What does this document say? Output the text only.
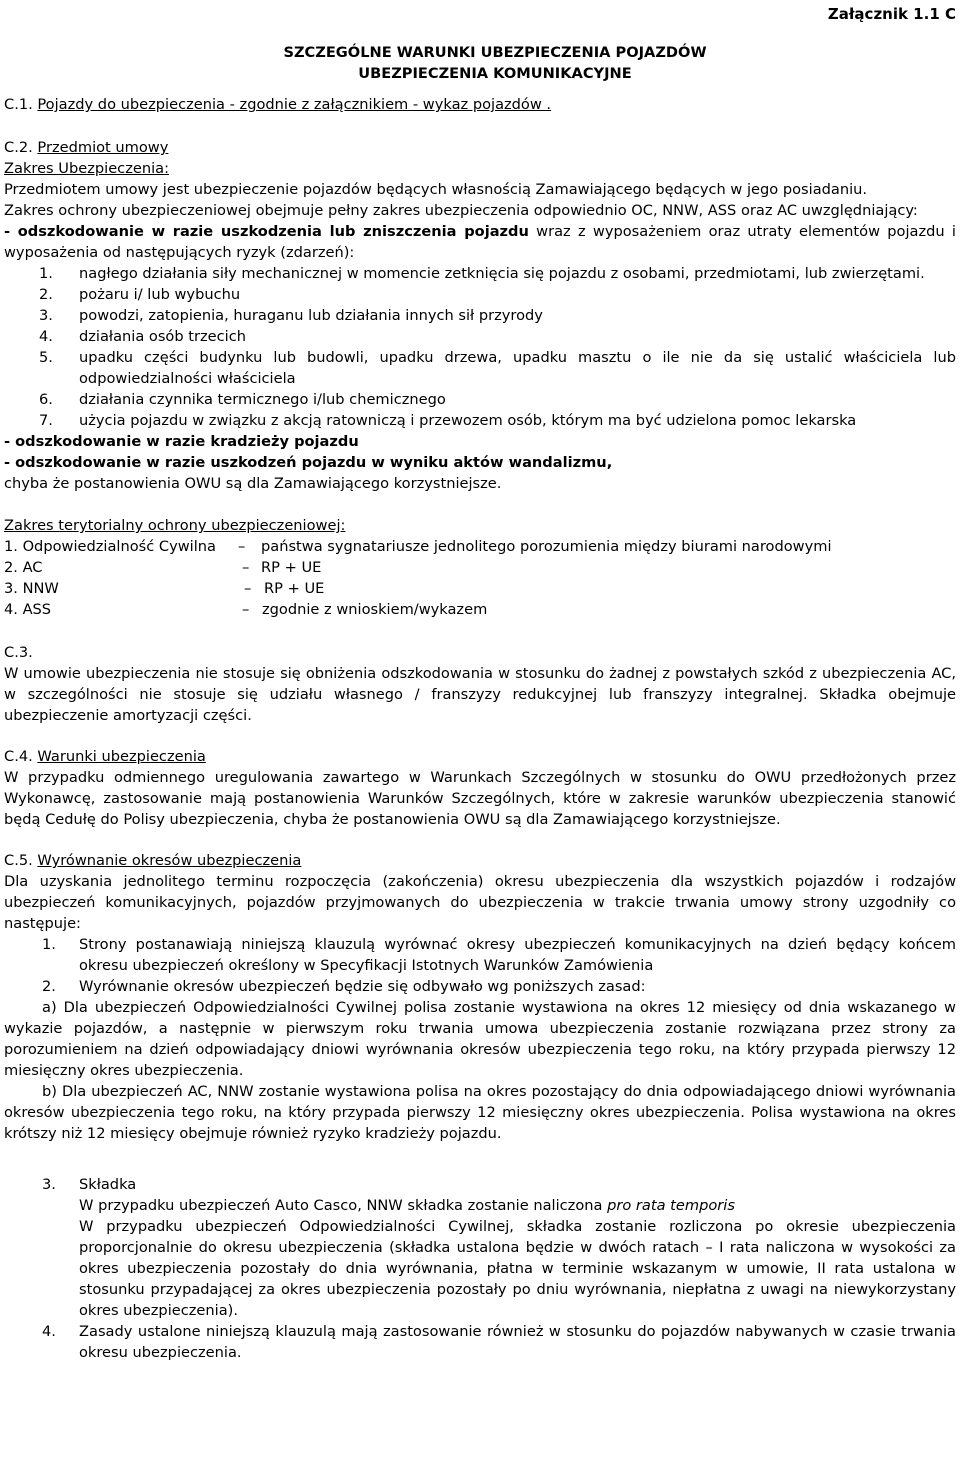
Załącznik 1.1 C
SZCZEGÓLNE WARUNKI UBEZPIECZENIA POJAZDÓW
UBEZPIECZENIA KOMUNIKACYJNE

C.1. Pojazdy do ubezpieczenia - zgodnie z załącznikiem - wykaz pojazdów .

C.2. Przedmiot umowy

Zakres Ubezpieczenia:

Przedmiotem umowy jest ubezpieczenie pojazdów będących własnością Zamawiającego będących w jego posiadaniu.

Zakres ochrony ubezpieczeniowej obejmuje pełny zakres ubezpieczenia odpowiednio OC, NNW, ASS oraz AC uwzględniający:

- odszkodowanie w razie uszkodzenia lub zniszczenia pojazdu wraz z wyposażeniem oraz utraty elementów pojazdu i wyposażenia od następujących ryzyk (zdarzeń):

1. nagłego działania siły mechanicznej w momencie zetknięcia się pojazdu z osobami, przedmiotami, lub zwierzętami.
2. pożaru i/ lub wybuchu
3. powodzi, zatopienia, huraganu lub działania innych sił przyrody
4. działania osób trzecich
5. upadku części budynku lub budowli, upadku drzewa, upadku masztu o ile nie da się ustalić właściciela lub odpowiedzialności właściciela
6. działania czynnika termicznego i/lub chemicznego
7. użycia pojazdu w związku z akcją ratowniczą i przewozem osób, którym ma być udzielona pomoc lekarska

- odszkodowanie w razie kradzieży pojazdu

- odszkodowanie w razie uszkodzeń pojazdu w wyniku aktów wandalizmu,

chyba że postanowienia OWU są dla Zamawiającego korzystniejsze.

Zakres terytorialny ochrony ubezpieczeniowej:

1. Odpowiedzialność Cywilna – państwa sygnatariusze jednolitego porozumienia między biurami narodowymi
2. AC	– RP + UE
3. NNW	– RP + UE
4. ASS	– zgodnie z wnioskiem/wykazem

C.3.

W umowie ubezpieczenia nie stosuje się obniżenia odszkodowania w stosunku do żadnej z powstałych szkód z ubezpieczenia AC, w szczególności nie stosuje się udziału własnego / franszyzy redukcyjnej lub franszyzy integralnej. Składka obejmuje ubezpieczenie amortyzacji części.

C.4. Warunki ubezpieczenia

W przypadku odmiennego uregulowania zawartego w Warunkach Szczególnych w stosunku do OWU przedłożonych przez Wykonawcę, zastosowanie mają postanowienia Warunków Szczególnych, które w zakresie warunków ubezpieczenia stanowić będą Cedułę do Polisy ubezpieczenia, chyba że postanowienia OWU są dla Zamawiającego korzystniejsze.

C.5. Wyrównanie okresów ubezpieczenia

Dla uzyskania jednolitego terminu rozpoczęcia (zakończenia) okresu ubezpieczenia dla wszystkich pojazdów i rodzajów ubezpieczeń komunikacyjnych, pojazdów przyjmowanych do ubezpieczenia w trakcie trwania umowy strony uzgodniły co następuje:

1. Strony postanawiają niniejszą klauzulą wyrównać okresy ubezpieczeń komunikacyjnych na dzień będący końcem okresu ubezpieczeń określony w Specyfikacji Istotnych Warunków Zamówienia
2. Wyrównanie okresów ubezpieczeń będzie się odbywało wg poniższych zasad:

a) Dla ubezpieczeń Odpowiedzialności Cywilnej polisa zostanie wystawiona na okres 12 miesięcy od dnia wskazanego w wykazie pojazdów, a następnie w pierwszym roku trwania umowa ubezpieczenia zostanie rozwiązana przez strony za porozumieniem na dzień odpowiadający dniowi wyrównania okresów ubezpieczenia tego roku, na który przypada pierwszy 12 miesięczny okres ubezpieczenia.

b) Dla ubezpieczeń AC, NNW zostanie wystawiona polisa na okres pozostający do dnia odpowiadającego dniowi wyrównania okresów ubezpieczenia tego roku, na który przypada pierwszy 12 miesięczny okres ubezpieczenia. Polisa wystawiona na okres krótszy niż 12 miesięcy obejmuje również ryzyko kradzieży pojazdu.

3. Składka

W przypadku ubezpieczeń Auto Casco, NNW składka zostanie naliczona pro rata temporis

W przypadku ubezpieczeń Odpowiedzialności Cywilnej, składka zostanie rozliczona po okresie ubezpieczenia proporcjonalnie do okresu ubezpieczenia (składka ustalona będzie w dwóch ratach – I rata naliczona w wysokości za okres ubezpieczenia pozostały do dnia wyrównania, płatna w terminie wskazanym w umowie, II rata ustalona w stosunku przypadającej za okres ubezpieczenia pozostały po dniu wyrównania, niepłatna z uwagi na niewykorzystany okres ubezpieczenia).

4. Zasady ustalone niniejszą klauzulą mają zastosowanie również w stosunku do pojazdów nabywanych w czasie trwania okresu ubezpieczenia.
